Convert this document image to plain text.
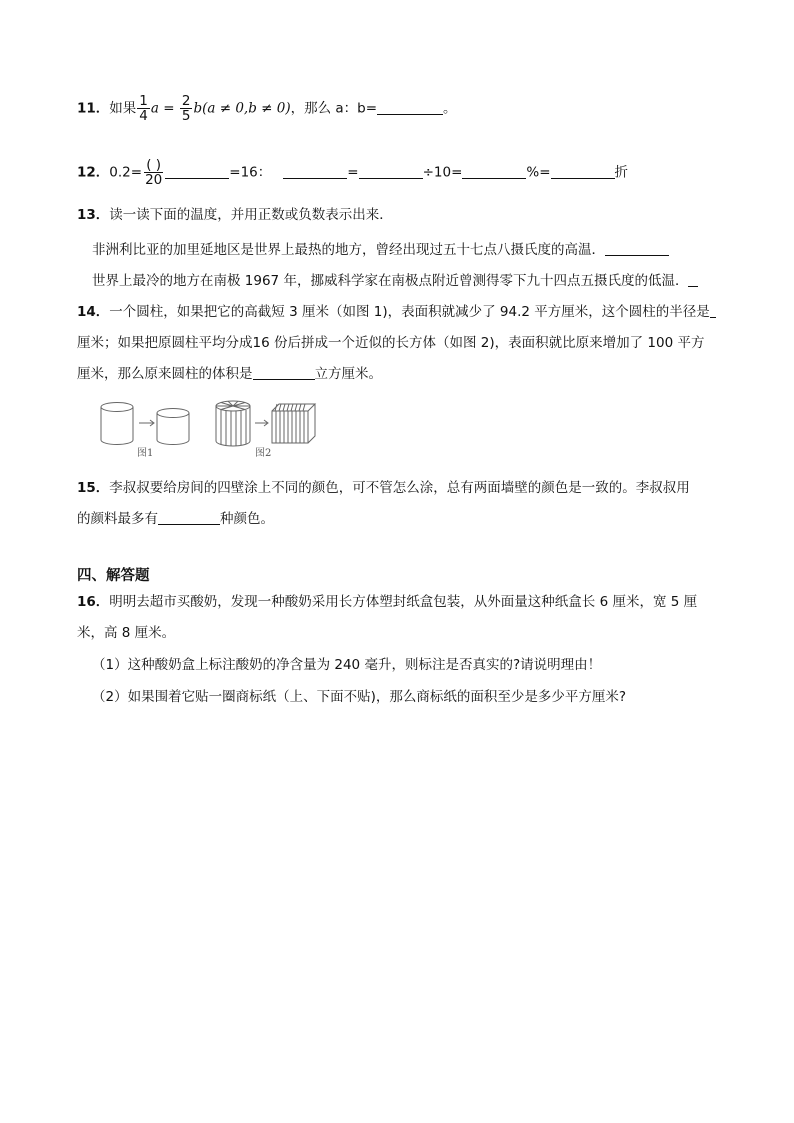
11．如果 $\frac{1}{4}$ $a = \frac{2}{5} b(a \ne 0,b \ne 0)$，那么 a：b=	。
12．$0.2= \frac{( )}{20}$	=16：	=	÷10=	%=	折
13．读一读下面的温度，并用正数或负数表示出来．
非洲利比亚的加里延地区是世界上最热的地方，曾经出现过五十七点八摄氏度的高温．
世界上最冷的地方在南极 1967 年，挪威科学家在南极点附近曾测得零下九十四点五摄氏度的低温．
14．一个圆柱，如果把它的高截短 3 厘米（如图 1)，表面积就减少了 94.2 平方厘米，这个圆柱的半径是
厘米；如果把原圆柱平均分成16 份后拼成一个近似的长方体（如图 2)，表面积就比原来增加了 100 平方
厘米，那么原来圆柱的体积是	立方厘米。
图1	图2
15．李叔叔要给房间的四壁涂上不同的颜色，可不管怎么涂，总有两面墙壁的颜色是一致的。李叔叔用
的颜料最多有	种颜色。
四、解答题
16．明明去超市买酸奶，发现一种酸奶采用长方体塑封纸盒包装，从外面量这种纸盒长 6 厘米，宽 5 厘
米，高 8 厘米。
（1）这种酸奶盒上标注酸奶的净含量为 240 毫升，则标注是否真实的?请说明理由！
（2）如果围着它贴一圈商标纸（上、下面不贴)，那么商标纸的面积至少是多少平方厘米?
